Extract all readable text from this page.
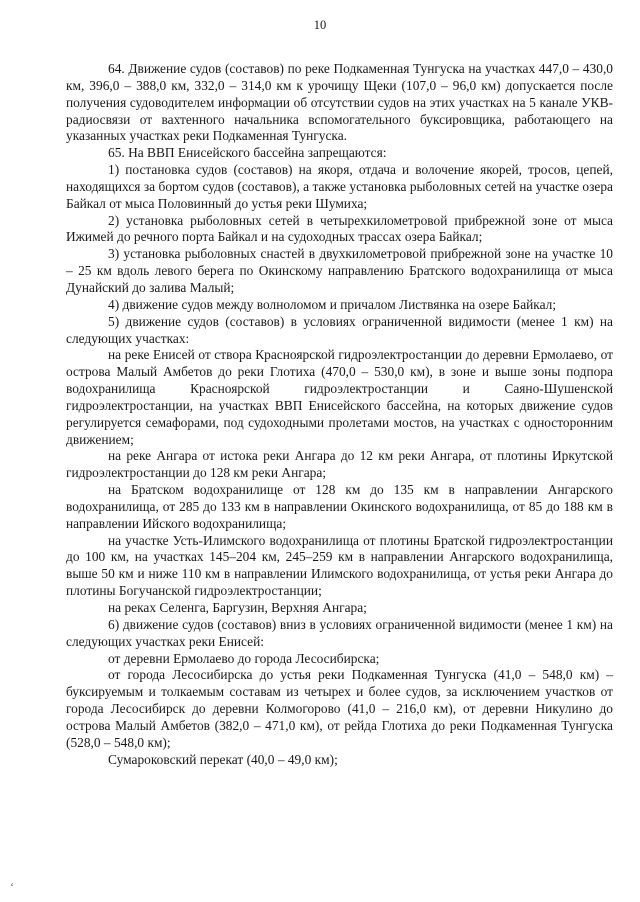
10

64. Движение судов (составов) по реке Подкаменная Тунгуска на участках 447,0 – 430,0 км, 396,0 – 388,0 км, 332,0 – 314,0 км к урочищу Щеки (107,0 – 96,0 км) допускается после получения судоводителем информации об отсутствии судов на этих участках на 5 канале УКВ-радиосвязи от вахтенного начальника вспомогательного буксировщика, работающего на указанных участках реки Подкаменная Тунгуска.

65. На ВВП Енисейского бассейна запрещаются:

1) постановка судов (составов) на якоря, отдача и волочение якорей, тросов, цепей, находящихся за бортом судов (составов), а также установка рыболовных сетей на участке озера Байкал от мыса Половинный до устья реки Шумиха;

2) установка рыболовных сетей в четырехкилометровой прибрежной зоне от мыса Ижимей до речного порта Байкал и на судоходных трассах озера Байкал;

3) установка рыболовных снастей в двухкилометровой прибрежной зоне на участке 10 – 25 км вдоль левого берега по Окинскому направлению Братского водохранилища от мыса Дунайский до залива Малый;

4) движение судов между волноломом и причалом Листвянка на озере Байкал;

5) движение судов (составов) в условиях ограниченной видимости (менее 1 км) на следующих участках:

на реке Енисей от створа Красноярской гидроэлектростанции до деревни Ермолаево, от острова Малый Амбетов до реки Глотиха (470,0 – 530,0 км), в зоне и выше зоны подпора водохранилища Красноярской гидроэлектростанции и Саяно-Шушенской гидроэлектростанции, на участках ВВП Енисейского бассейна, на которых движение судов регулируется семафорами, под судоходными пролетами мостов, на участках с односторонним движением;

на реке Ангара от истока реки Ангара до 12 км реки Ангара, от плотины Иркутской гидроэлектростанции до 128 км реки Ангара;

на Братском водохранилище от 128 км до 135 км в направлении Ангарского водохранилища, от 285 до 133 км в направлении Окинского водохранилища, от 85 до 188 км в направлении Ийского водохранилища;

на участке Усть-Илимского водохранилища от плотины Братской гидроэлектростанции до 100 км, на участках 145–204 км, 245–259 км в направлении Ангарского водохранилища, выше 50 км и ниже 110 км в направлении Илимского водохранилища, от устья реки Ангара до плотины Богучанской гидроэлектростанции;

на реках Селенга, Баргузин, Верхняя Ангара;

6) движение судов (составов) вниз в условиях ограниченной видимости (менее 1 км) на следующих участках реки Енисей:

от деревни Ермолаево до города Лесосибирска;

от города Лесосибирска до устья реки Подкаменная Тунгуска (41,0 – 548,0 км) – буксируемым и толкаемым составам из четырех и более судов, за исключением участков от города Лесосибирск до деревни Колмогорово (41,0 – 216,0 км), от деревни Никулино до острова Малый Амбетов (382,0 – 471,0 км), от рейда Глотиха до реки Подкаменная Тунгуска (528,0 – 548,0 км);

Сумароковский перекат (40,0 – 49,0 км);

‘
